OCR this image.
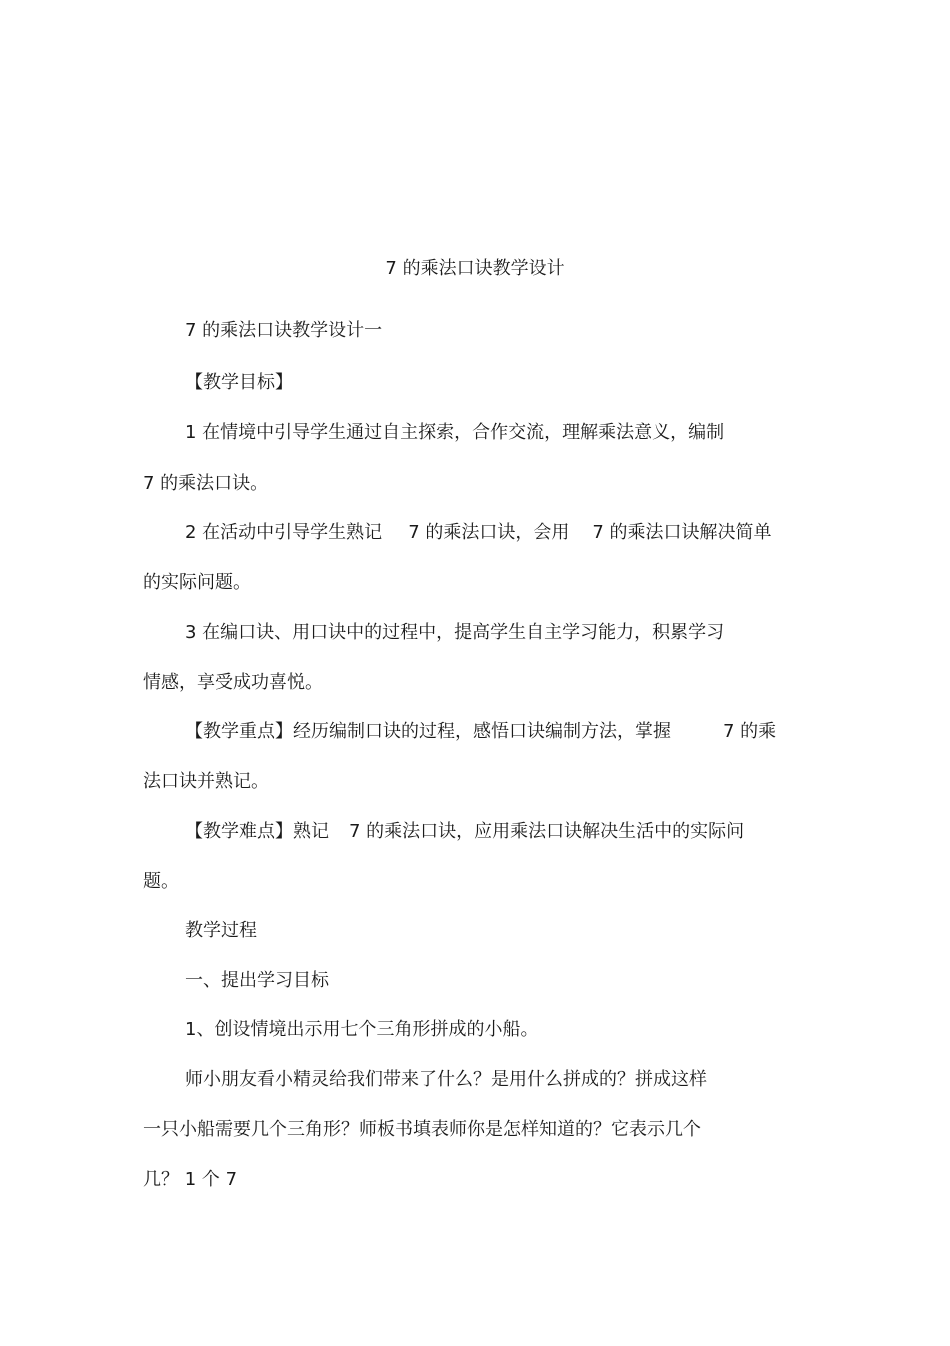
7 的乘法口诀教学设计
7 的乘法口诀教学设计一
【教学目标】
1 在情境中引导学生通过自主探索，合作交流，理解乘法意义，编制
7 的乘法口诀。
2 在活动中引导学生熟记 7 的乘法口诀，会用 7 的乘法口诀解决简单
的实际问题。
3 在编口诀、用口诀中的过程中，提高学生自主学习能力，积累学习
情感，享受成功喜悦。
【教学重点】经历编制口诀的过程，感悟口诀编制方法，掌握	7 的乘
法口诀并熟记。
【教学难点】熟记 7 的乘法口诀，应用乘法口诀解决生活中的实际问
题。
教学过程
一、提出学习目标
1、创设情境出示用七个三角形拼成的小船。
师小朋友看小精灵给我们带来了什么？是用什么拼成的？拼成这样
一只小船需要几个三角形？师板书填表师你是怎样知道的？它表示几个
几？ 1 个 7
